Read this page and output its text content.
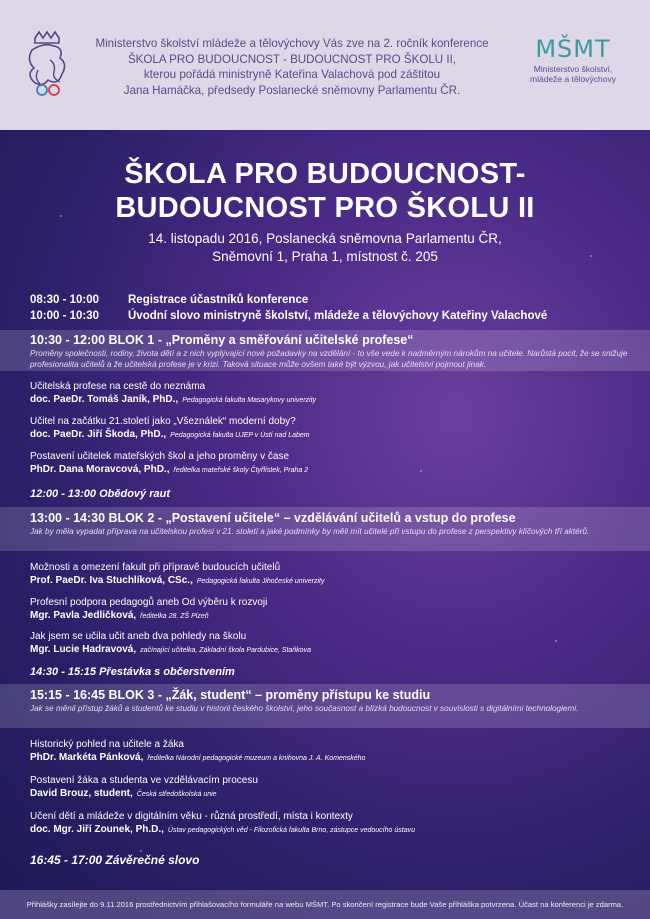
Ministerstvo školství mládeže a tělovýchovy Vás zve na 2. ročník konference
ŠKOLA PRO BUDOUCNOST - BUDOUCNOST PRO ŠKOLU II,
kterou pořádá ministryně Kateřina Valachová pod záštitou
Jana Hamáčka, předsedy Poslanecké sněmovny Parlamentu ČR.
MŠMT
Ministerstvo školství,
mládeže a tělovýchovy
ŠKOLA PRO BUDOUCNOST-
BUDOUCNOST PRO ŠKOLU II
14. listopadu 2016, Poslanecká sněmovna Parlamentu ČR,
Sněmovní 1, Praha 1, místnost č. 205
08:30 - 10:00	Registrace účastníků konference
10:00 - 10:30	Úvodní slovo ministryně školství, mládeže a tělovýchovy Kateřiny Valachové
10:30 - 12:00 BLOK 1 - „Proměny a směřování učitelské profese“
Proměny společnosti, rodiny, života dětí a z nich vyplývající nové požadavky na vzdělání - to vše vede k nadměrným nárokům na učitele. Narůstá pocit, že se snižuje profesionalita učitelů a že učitelská profese je v krizi. Taková situace může ovšem také být výzvou, jak učitelství pojmout jinak.
Učitelská profese na cestě do neznáma
doc. PaeDr. Tomáš Janík, PhD., Pedagogická fakulta Masarykovy univerzity
Učitel na začátku 21.století jako „Všeználek“ moderní doby?
doc. PaeDr. Jiří Škoda, PhD., Pedagogická fakulta UJEP v Ústí nad Labem
Postavení učitelek mateřských škol a jeho proměny v čase
PhDr. Dana Moravcová, PhD., ředitelka mateřské školy Čtyřlístek, Praha 2
12:00 - 13:00 Obědový raut
13:00 - 14:30 BLOK 2 - „Postavení učitele“ – vzdělávání učitelů a vstup do profese
Jak by měla vypadat příprava na učitelskou profesi v 21. století a jaké podmínky by měli mít učitelé při vstupu do profese z perspektivy klíčových tří aktérů.
Možnosti a omezení fakult při přípravě budoucích učitelů
Prof. PaeDr. Iva Stuchlíková, CSc., Pedagogická fakulta Jihočeské univerzity
Profesní podpora pedagogů aneb Od výběru k rozvoji
Mgr. Pavla Jedličková, ředitelka 28. ZŠ Plzeň
Jak jsem se učila učit aneb dva pohledy na školu
Mgr. Lucie Hadravová, začínající učitelka, Základní škola Pardubice, Staňkova
14:30 - 15:15 Přestávka s občerstvením
15:15 - 16:45 BLOK 3 - „Žák, student“ – proměny přístupu ke studiu
Jak se měnil přístup žáků a studentů ke studiu v historii českého školství, jeho současnost a blízká budoucnost v souvislosti s digitálními technologiemi.
Historický pohled na učitele a žáka
PhDr. Markéta Pánková, ředitelka Národní pedagogické muzeum a knihovna J. A. Komenského
Postavení žáka a studenta ve vzdělávacím procesu
David Brouz, student, Česká středoškolská unie
Učení dětí a mládeže v digitálním věku - různá prostředí, místa i kontexty
doc. Mgr. Jiří Zounek, Ph.D., Ústav pedagogických věd - Filozofická fakulta Brno, zástupce vedoucího ústavu
16:45 - 17:00 Závěrečné slovo
Přihlášky zasílejte do 9.11.2016 prostřednictvím přihlašovacího formuláře na webu MŠMT. Po skončení registrace bude Vaše přihláška potvrzena. Účast na konferenci je zdarma.
